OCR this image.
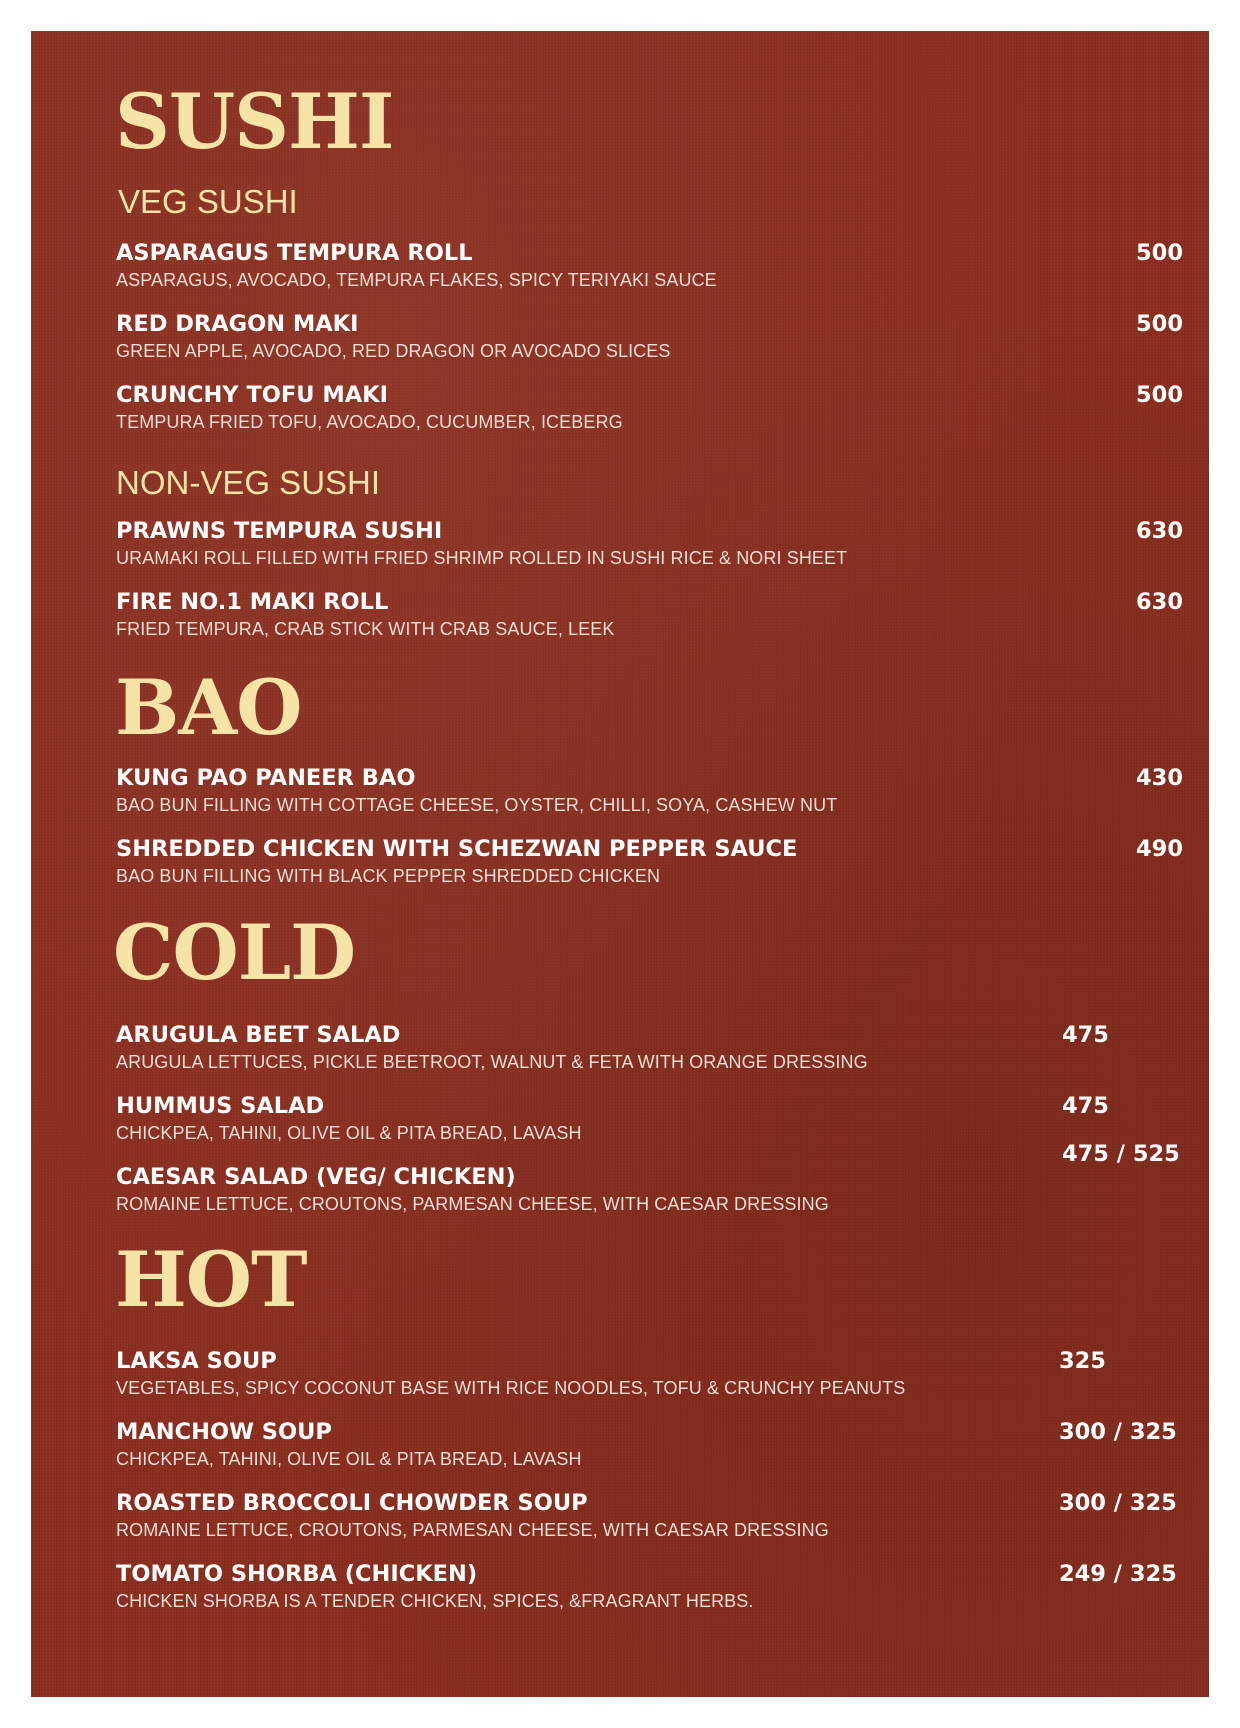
SUSHI
VEG SUSHI
ASPARAGUS TEMPURA ROLL
ASPARAGUS, AVOCADO, TEMPURA FLAKES, SPICY TERIYAKI SAUCE
500
RED DRAGON MAKI
GREEN APPLE, AVOCADO, RED DRAGON OR AVOCADO SLICES
500
CRUNCHY TOFU MAKI
TEMPURA FRIED TOFU, AVOCADO, CUCUMBER, ICEBERG
500
NON-VEG SUSHI
PRAWNS TEMPURA SUSHI
URAMAKI ROLL FILLED WITH FRIED SHRIMP ROLLED IN SUSHI RICE & NORI SHEET
630
FIRE NO.1 MAKI ROLL
FRIED TEMPURA, CRAB STICK WITH CRAB SAUCE, LEEK
630
BAO
KUNG PAO PANEER BAO
BAO BUN FILLING WITH COTTAGE CHEESE, OYSTER, CHILLI, SOYA, CASHEW NUT
430
SHREDDED CHICKEN WITH SCHEZWAN PEPPER SAUCE
BAO BUN FILLING WITH BLACK PEPPER SHREDDED CHICKEN
490
COLD
ARUGULA BEET SALAD
ARUGULA LETTUCES, PICKLE BEETROOT, WALNUT & FETA WITH ORANGE DRESSING
475
HUMMUS SALAD
CHICKPEA, TAHINI, OLIVE OIL & PITA BREAD, LAVASH
475
CAESAR SALAD (VEG/ CHICKEN)
ROMAINE LETTUCE, CROUTONS, PARMESAN CHEESE, WITH CAESAR DRESSING
475 / 525
HOT
LAKSA SOUP
VEGETABLES, SPICY COCONUT BASE WITH RICE NOODLES, TOFU & CRUNCHY PEANUTS
325
MANCHOW SOUP
CHICKPEA, TAHINI, OLIVE OIL & PITA BREAD, LAVASH
300 / 325
ROASTED BROCCOLI CHOWDER SOUP
ROMAINE LETTUCE, CROUTONS, PARMESAN CHEESE, WITH CAESAR DRESSING
300 / 325
TOMATO SHORBA (CHICKEN)
CHICKEN SHORBA IS A TENDER CHICKEN, SPICES, &FRAGRANT HERBS.
249 / 325
